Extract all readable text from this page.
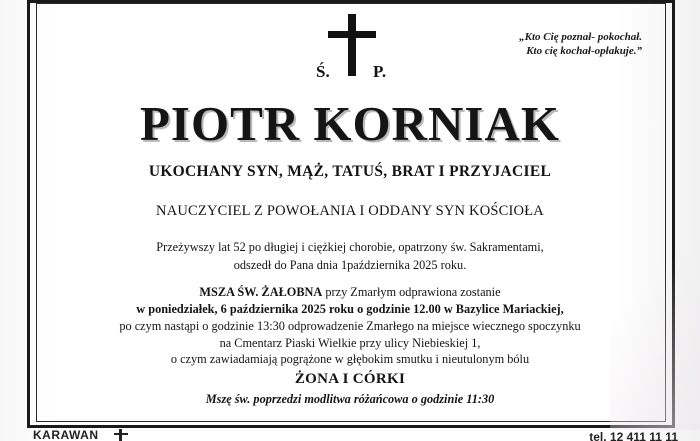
Ś.	P.
„Kto Cię poznał- pokochał.
Kto cię kochał-opłakuje.”
PIOTR KORNIAK
UKOCHANY SYN, MĄŻ, TATUŚ, BRAT I PRZYJACIEL
NAUCZYCIEL Z POWOŁANIA I ODDANY SYN KOŚCIOŁA
Przeżywszy lat 52 po długiej i ciężkiej chorobie, opatrzony św. Sakramentami,
odszedł do Pana dnia 1października 2025 roku.
MSZA ŚW. ŻAŁOBNA przy Zmarłym odprawiona zostanie
w poniedziałek, 6 października 2025 roku o godzinie 12.00 w Bazylice Mariackiej,
po czym nastąpi o godzinie 13:30 odprowadzenie Zmarłego na miejsce wiecznego spoczynku
na Cmentarz Piaski Wielkie przy ulicy Niebieskiej 1,
o czym zawiadamiają pogrążone w głębokim smutku i nieutulonym bólu
ŻONA I CÓRKI
Mszę św. poprzedzi modlitwa różańcowa o godzinie 11:30
KARAWAN	tel. 12 411 11 11
